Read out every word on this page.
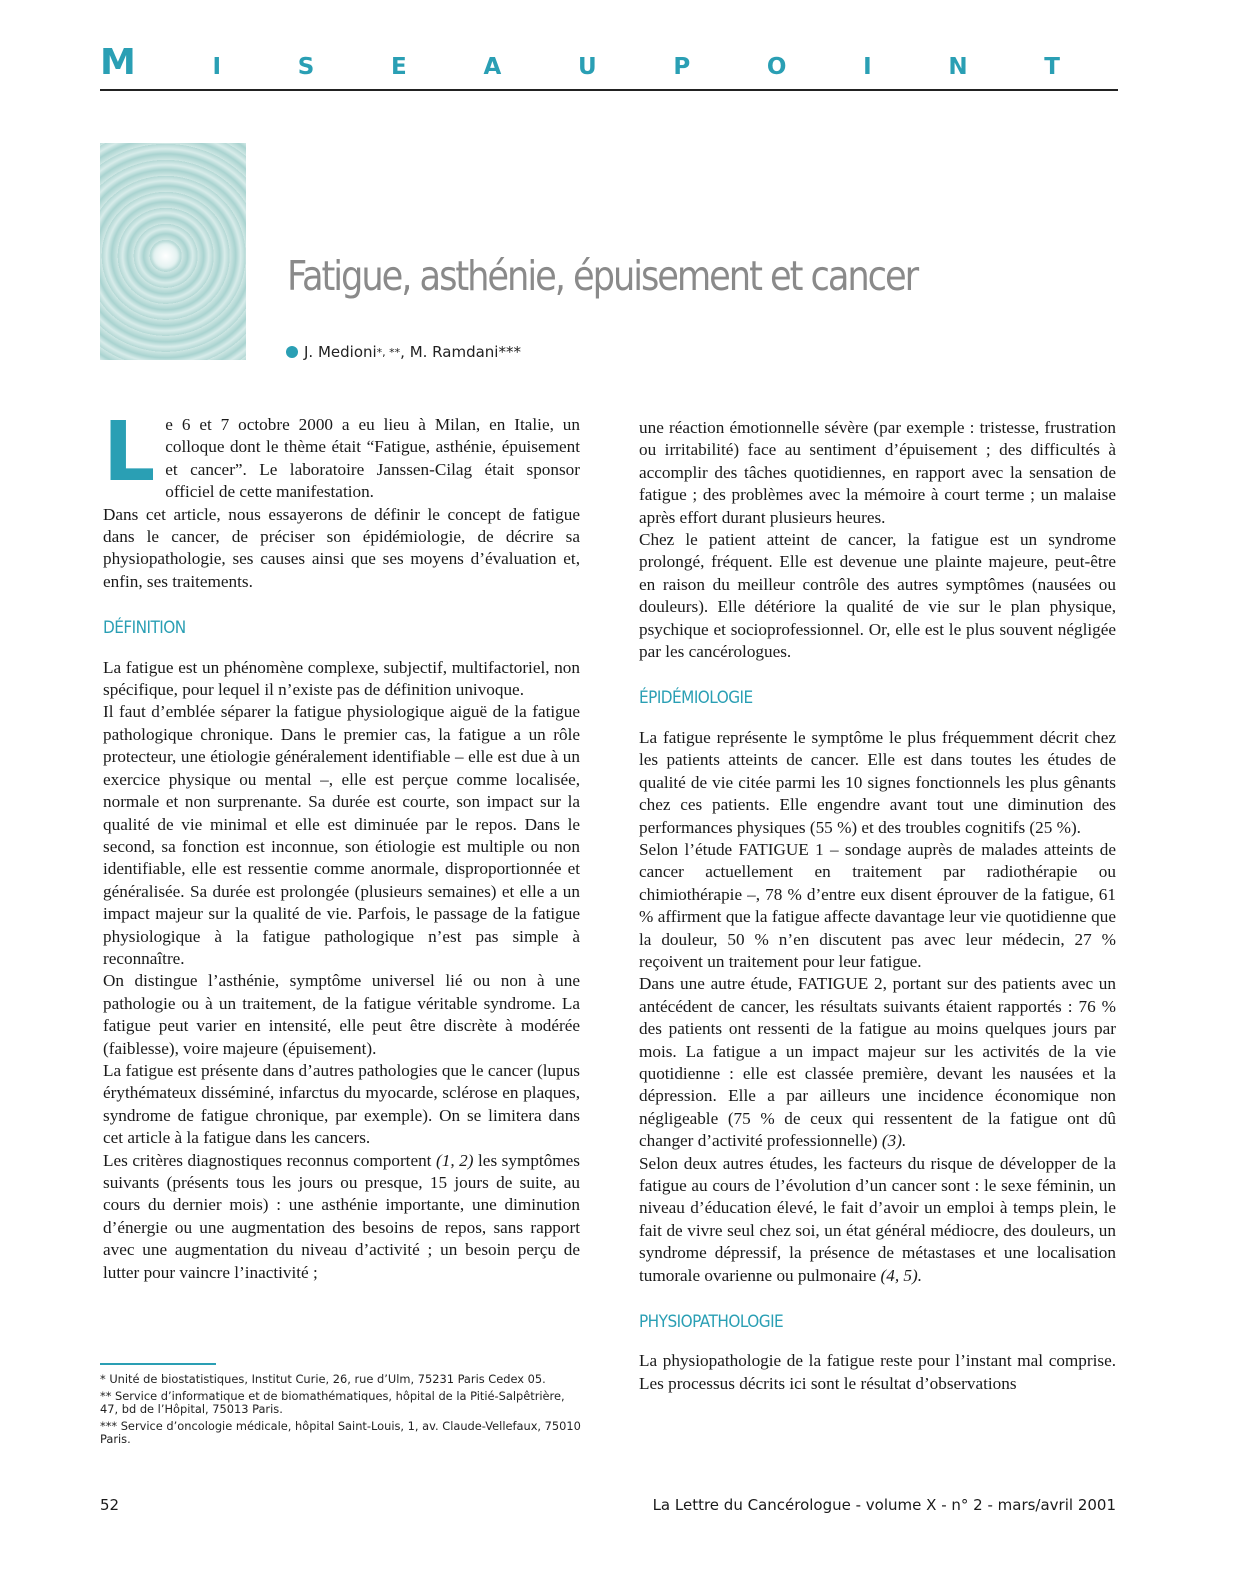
M	I	S	E	A	U	P	O	I	N	T
Fatigue, asthénie, épuisement et cancer
J. Medioni *, ** , M. Ramdani***
L e 6 et 7 octobre 2000 a eu lieu à Milan, en Italie, un colloque dont le thème était “Fatigue, asthénie, épuisement et cancer”. Le laboratoire Janssen-Cilag était sponsor officiel de cette manifestation.

Dans cet article, nous essayerons de définir le concept de fatigue dans le cancer, de préciser son épidémiologie, de décrire sa physiopathologie, ses causes ainsi que ses moyens d’évaluation et, enfin, ses traitements.

DÉFINITION

La fatigue est un phénomène complexe, subjectif, multifactoriel, non spécifique, pour lequel il n’existe pas de définition univoque.

Il faut d’emblée séparer la fatigue physiologique aiguë de la fatigue pathologique chronique. Dans le premier cas, la fatigue a un rôle protecteur, une étiologie généralement identifiable – elle est due à un exercice physique ou mental –, elle est perçue comme localisée, normale et non surprenante. Sa durée est courte, son impact sur la qualité de vie minimal et elle est diminuée par le repos. Dans le second, sa fonction est inconnue, son étiologie est multiple ou non identifiable, elle est ressentie comme anormale, disproportionnée et généralisée. Sa durée est prolongée (plusieurs semaines) et elle a un impact majeur sur la qualité de vie. Parfois, le passage de la fatigue physiologique à la fatigue pathologique n’est pas simple à reconnaître.

On distingue l’asthénie, symptôme universel lié ou non à une pathologie ou à un traitement, de la fatigue véritable syndrome. La fatigue peut varier en intensité, elle peut être discrète à modérée (faiblesse), voire majeure (épuisement).

La fatigue est présente dans d’autres pathologies que le cancer (lupus érythémateux disséminé, infarctus du myocarde, sclérose en plaques, syndrome de fatigue chronique, par exemple). On se limitera dans cet article à la fatigue dans les cancers.

Les critères diagnostiques reconnus comportent (1, 2) les symptômes suivants (présents tous les jours ou presque, 15 jours de suite, au cours du dernier mois) : une asthénie importante, une diminution d’énergie ou une augmentation des besoins de repos, sans rapport avec une augmentation du niveau d’activité ; un besoin perçu de lutter pour vaincre l’inactivité ;

une réaction émotionnelle sévère (par exemple : tristesse, frustration ou irritabilité) face au sentiment d’épuisement ; des difficultés à accomplir des tâches quotidiennes, en rapport avec la sensation de fatigue ; des problèmes avec la mémoire à court terme ; un malaise après effort durant plusieurs heures.

Chez le patient atteint de cancer, la fatigue est un syndrome prolongé, fréquent. Elle est devenue une plainte majeure, peut-être en raison du meilleur contrôle des autres symptômes (nausées ou douleurs). Elle détériore la qualité de vie sur le plan physique, psychique et socioprofessionnel. Or, elle est le plus souvent négligée par les cancérologues.

ÉPIDÉMIOLOGIE

La fatigue représente le symptôme le plus fréquemment décrit chez les patients atteints de cancer. Elle est dans toutes les études de qualité de vie citée parmi les 10 signes fonctionnels les plus gênants chez ces patients. Elle engendre avant tout une diminution des performances physiques (55 %) et des troubles cognitifs (25 %).

Selon l’étude FATIGUE 1 – sondage auprès de malades atteints de cancer actuellement en traitement par radiothérapie ou chimiothérapie –, 78 % d’entre eux disent éprouver de la fatigue, 61 % affirment que la fatigue affecte davantage leur vie quotidienne que la douleur, 50 % n’en discutent pas avec leur médecin, 27 % reçoivent un traitement pour leur fatigue.

Dans une autre étude, FATIGUE 2, portant sur des patients avec un antécédent de cancer, les résultats suivants étaient rapportés : 76 % des patients ont ressenti de la fatigue au moins quelques jours par mois. La fatigue a un impact majeur sur les activités de la vie quotidienne : elle est classée première, devant les nausées et la dépression. Elle a par ailleurs une incidence économique non négligeable (75 % de ceux qui ressentent de la fatigue ont dû changer d’activité professionnelle) (3).

Selon deux autres études, les facteurs du risque de développer de la fatigue au cours de l’évolution d’un cancer sont : le sexe féminin, un niveau d’éducation élevé, le fait d’avoir un emploi à temps plein, le fait de vivre seul chez soi, un état général médiocre, des douleurs, un syndrome dépressif, la présence de métastases et une localisation tumorale ovarienne ou pulmonaire (4, 5).

PHYSIOPATHOLOGIE

La physiopathologie de la fatigue reste pour l’instant mal comprise. Les processus décrits ici sont le résultat d’observations

* Unité de biostatistiques, Institut Curie, 26, rue d’Ulm, 75231 Paris Cedex 05.

** Service d’informatique et de biomathématiques, hôpital de la Pitié-Salpêtrière, 47, bd de l’Hôpital, 75013 Paris.

*** Service d’oncologie médicale, hôpital Saint-Louis, 1, av. Claude-Vellefaux, 75010 Paris.

52	La Lettre du Cancérologue - volume X - n° 2 - mars/avril 2001
